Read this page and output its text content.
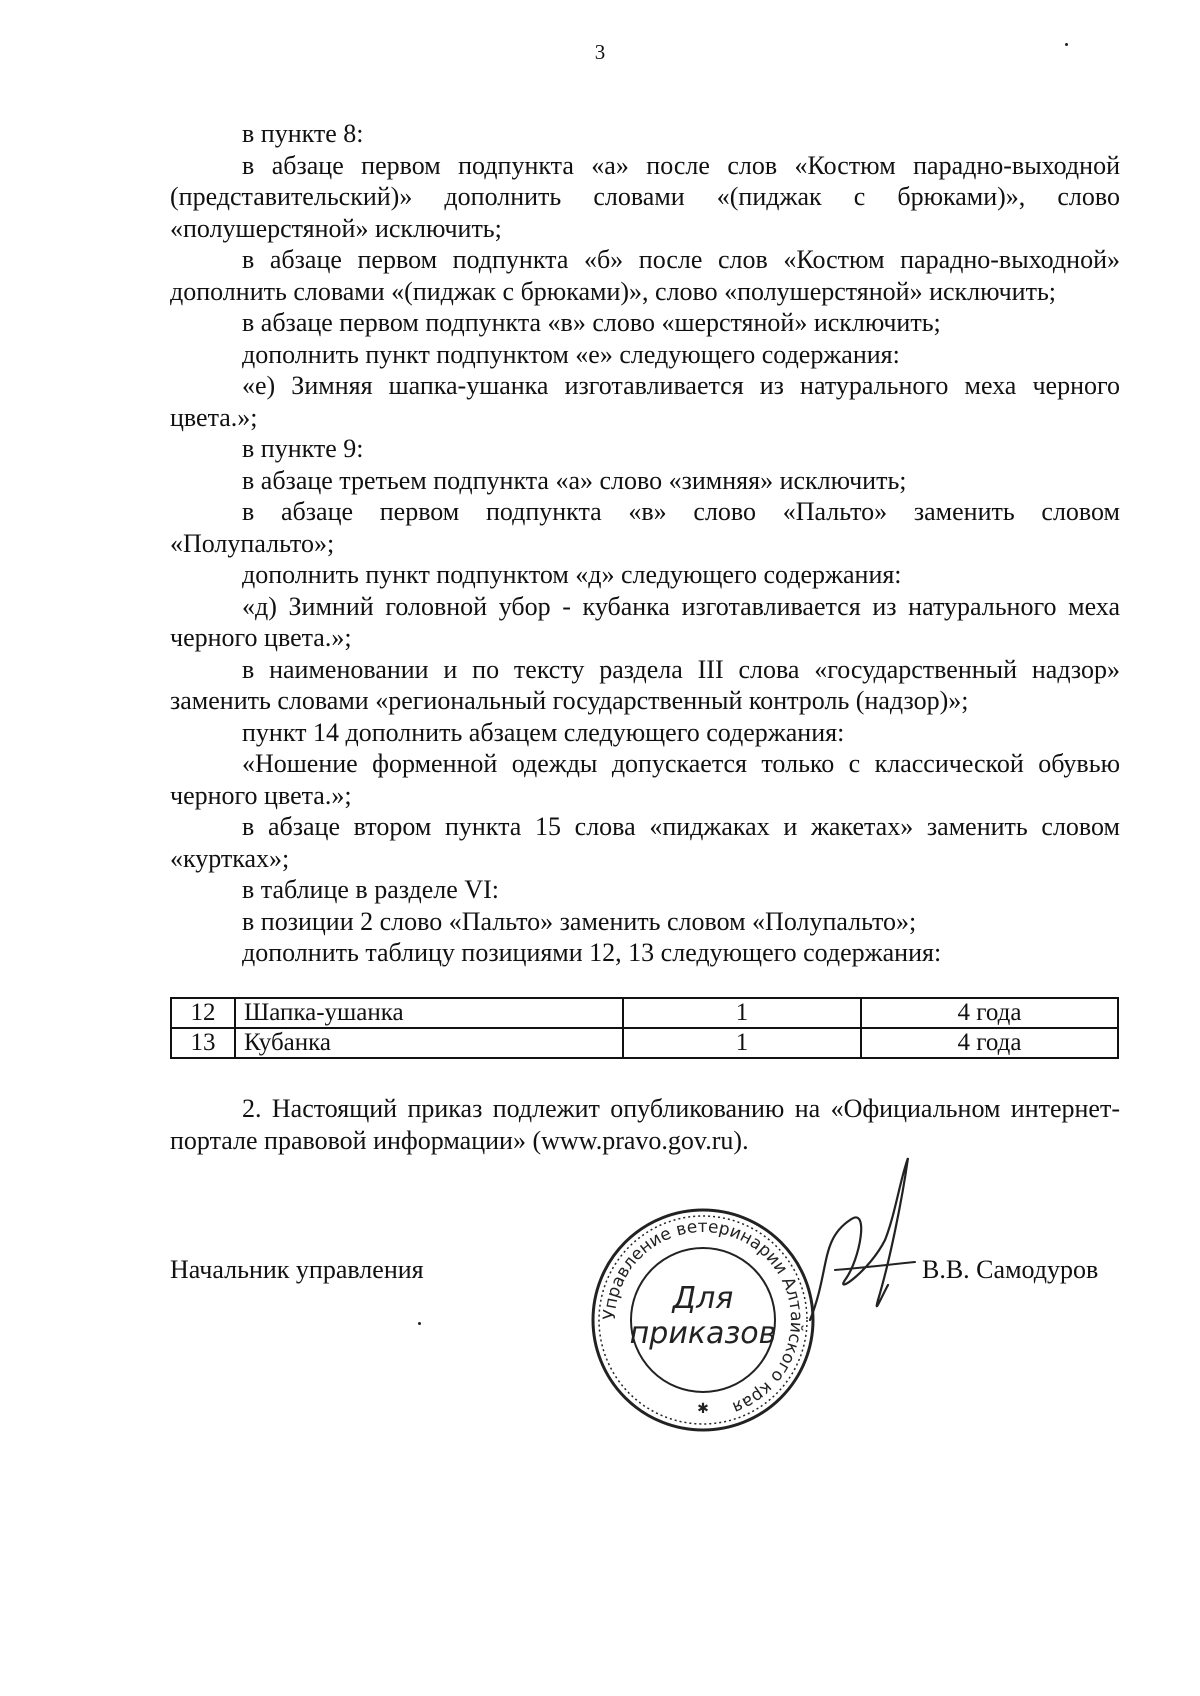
3

в пункте 8:

в абзаце первом подпункта «а» после слов «Костюм парадно-выходной (представительский)» дополнить словами «(пиджак с брюками)», слово «полушерстяной» исключить;

в абзаце первом подпункта «б» после слов «Костюм парадно-выходной» дополнить словами «(пиджак с брюками)», слово «полушерстяной» исключить;

в абзаце первом подпункта «в» слово «шерстяной» исключить;

дополнить пункт подпунктом «е» следующего содержания:

«е) Зимняя шапка-ушанка изготавливается из натурального меха черного цвета.»;

в пункте 9:

в абзаце третьем подпункта «а» слово «зимняя» исключить;

в абзаце первом подпункта «в» слово «Пальто» заменить словом «Полупальто»;

дополнить пункт подпунктом «д» следующего содержания:

«д) Зимний головной убор - кубанка изготавливается из натурального меха черного цвета.»;

в наименовании и по тексту раздела III слова «государственный надзор» заменить словами «региональный государственный контроль (надзор)»;

пункт 14 дополнить абзацем следующего содержания:

«Ношение форменной одежды допускается только с классической обувью черного цвета.»;

в абзаце втором пункта 15 слова «пиджаках и жакетах» заменить словом «куртках»;

в таблице в разделе VI:

в позиции 2 слово «Пальто» заменить словом «Полупальто»;

дополнить таблицу позициями 12, 13 следующего содержания:

12	Шапка-ушанка	1	4 года
13	Кубанка	1	4 года

2. Настоящий приказ подлежит опубликованию на «Официальном интернет-портале правовой информации» (www.pravo.gov.ru).

Начальник управления	В.В. Самодуров
Управление ветеринарии Алтайского края
Для
приказов
✱
